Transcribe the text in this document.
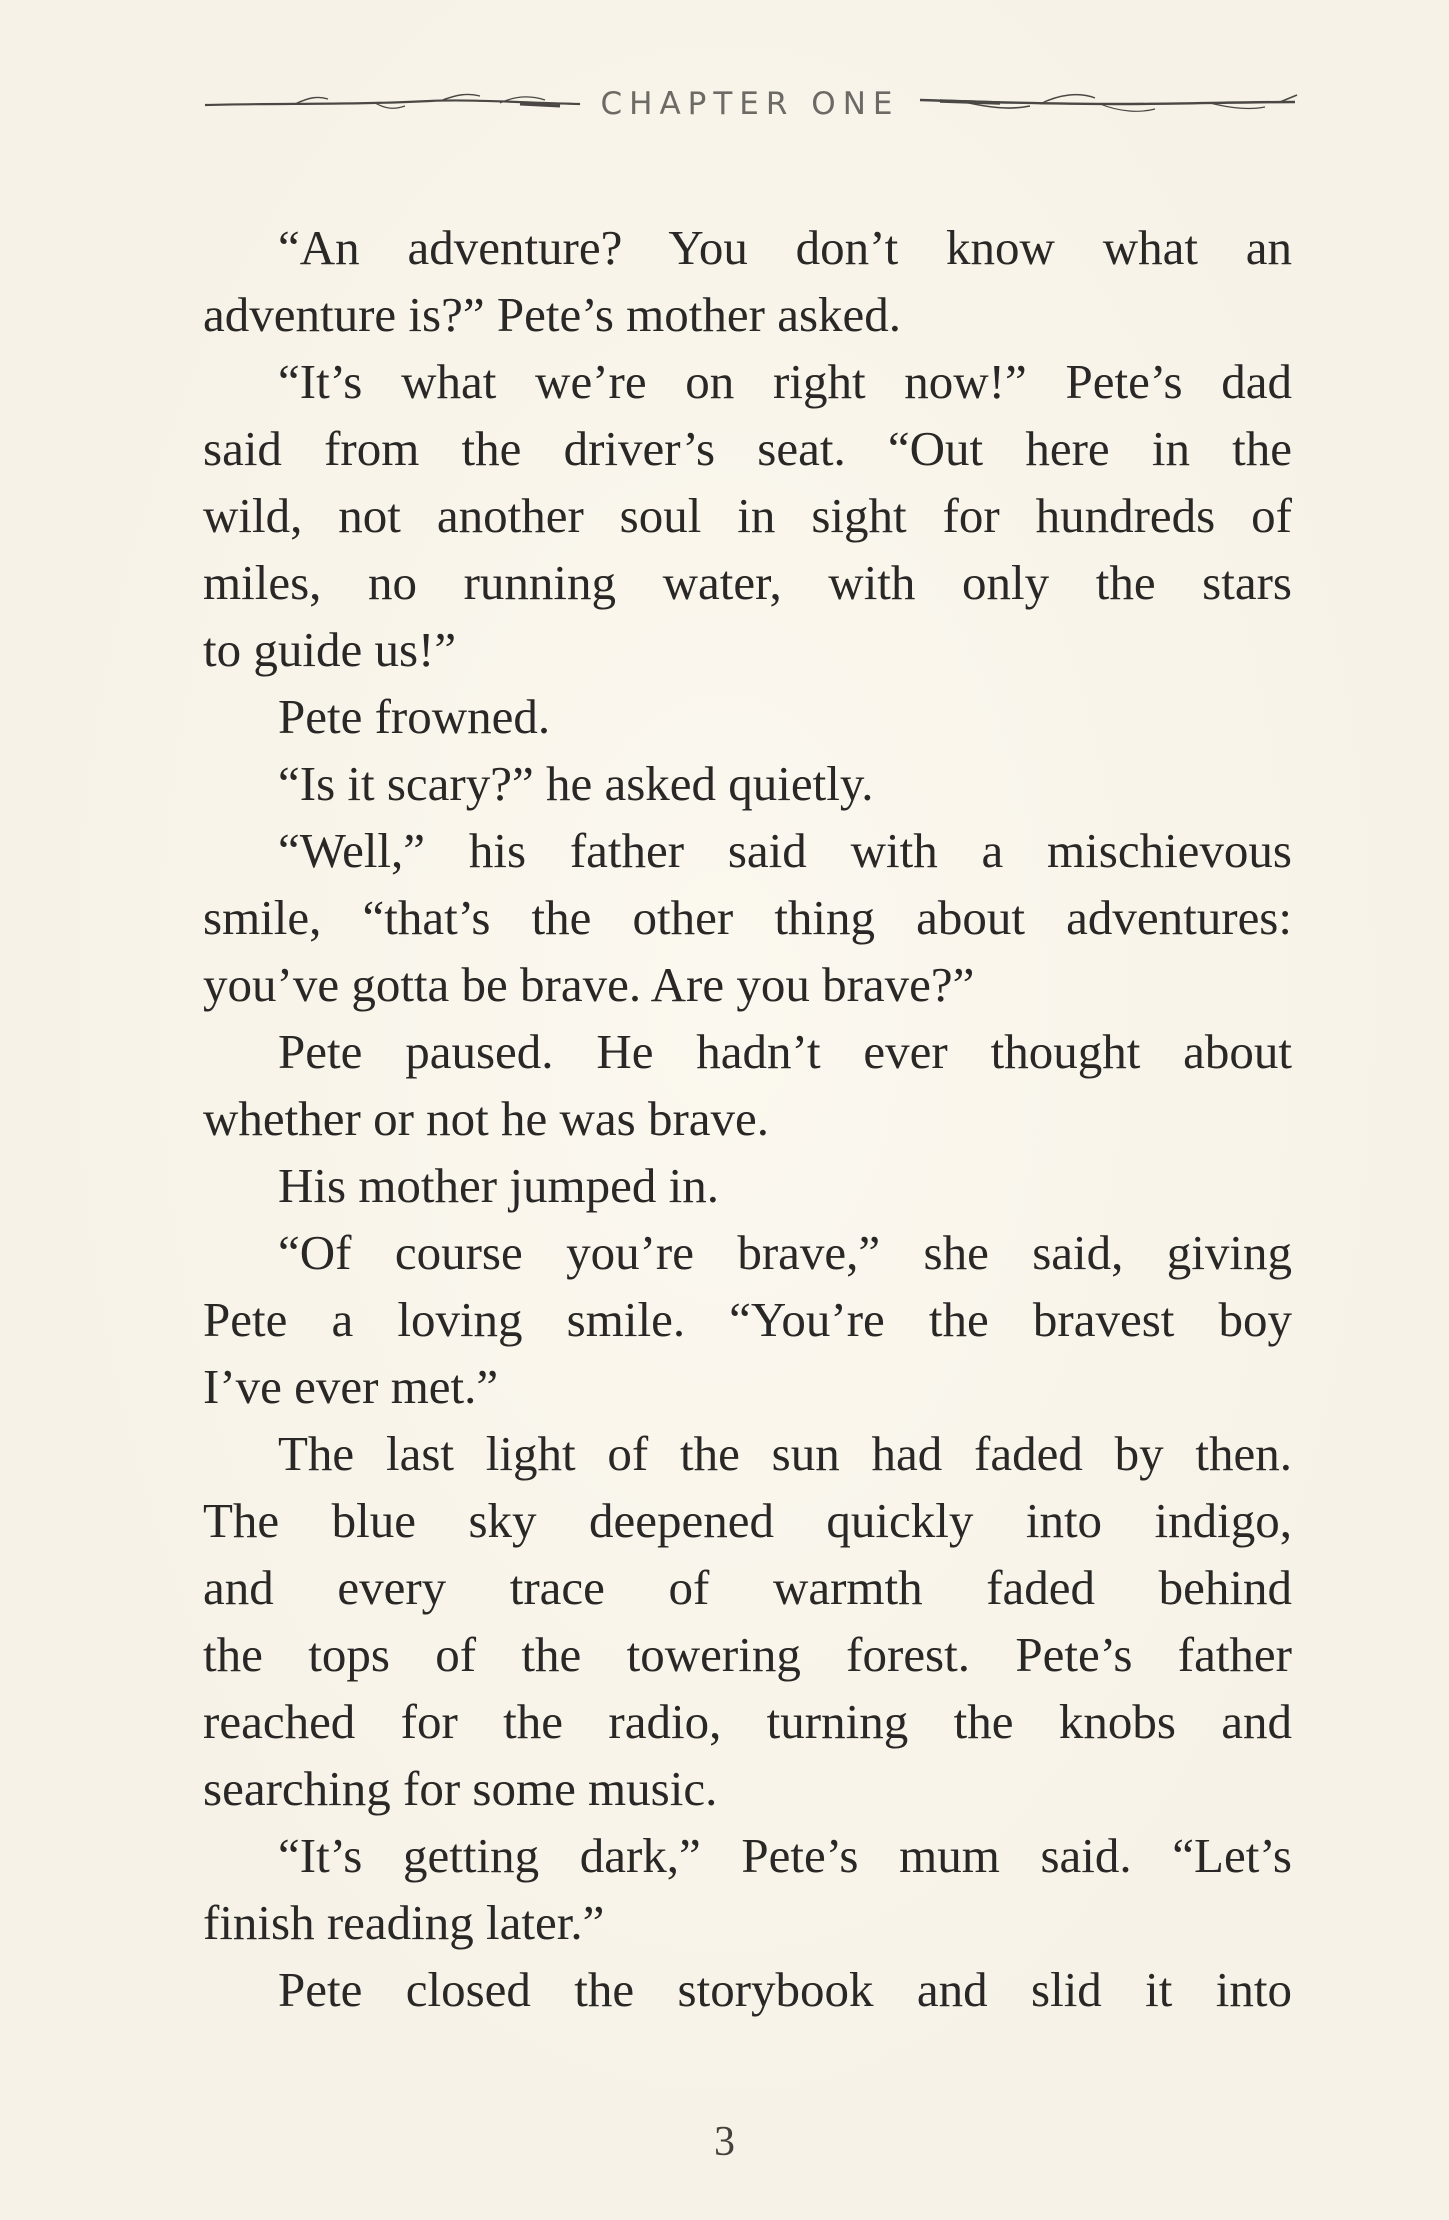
CHAPTER ONE
“An adventure? You don’t know what an
adventure is?” Pete’s mother asked.
“It’s what we’re on right now!” Pete’s dad
said from the driver’s seat. “Out here in the
wild, not another soul in sight for hundreds of
miles, no running water, with only the stars
to guide us!”
Pete frowned.
“Is it scary?” he asked quietly.
“Well,” his father said with a mischievous
smile, “that’s the other thing about adventures:
you’ve gotta be brave. Are you brave?”
Pete paused. He hadn’t ever thought about
whether or not he was brave.
His mother jumped in.
“Of course you’re brave,” she said, giving
Pete a loving smile. “You’re the bravest boy
I’ve ever met.”
The last light of the sun had faded by then.
The blue sky deepened quickly into indigo,
and every trace of warmth faded behind
the tops of the towering forest. Pete’s father
reached for the radio, turning the knobs and
searching for some music.
“It’s getting dark,” Pete’s mum said. “Let’s
finish reading later.”
Pete closed the storybook and slid it into
3
